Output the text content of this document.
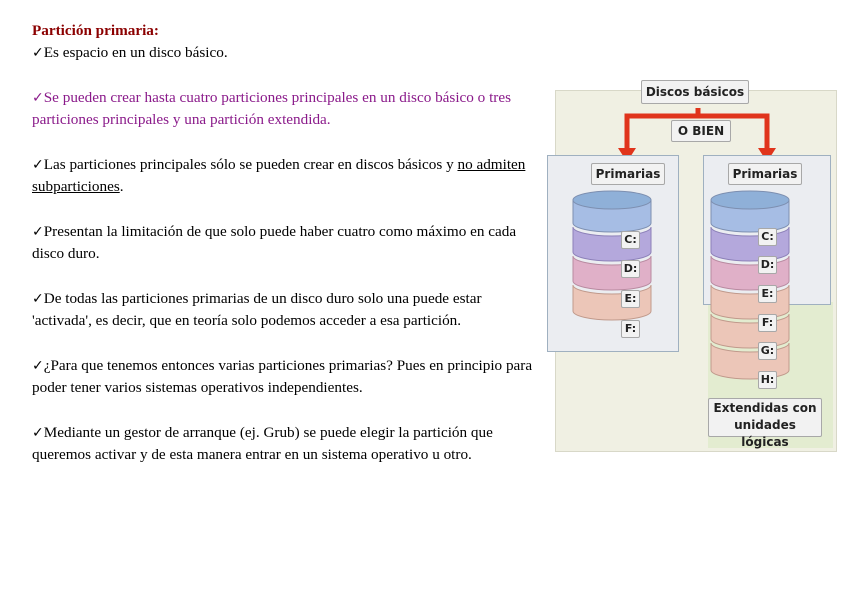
Partición primaria:

✓Es espacio en un disco básico.

✓Se pueden crear hasta cuatro particiones principales en un disco básico o tres particiones principales y una partición extendida.

✓Las particiones principales sólo se pueden crear en discos básicos y no admiten subparticiones.

✓Presentan la limitación de que solo puede haber cuatro como máximo en cada disco duro.

✓De todas las particiones primarias de un disco duro solo una puede estar 'activada', es decir, que en teoría solo podemos acceder a esa partición.

✓¿Para que tenemos entonces varias particiones primarias? Pues en principio para poder tener varios sistemas operativos independientes.

✓Mediante un gestor de arranque (ej. Grub) se puede elegir la partición que queremos activar y de esta manera entrar en un sistema operativo u otro.

Discos básicos
O BIEN
Primarias
C:
D:
E:
F:
Primarias
C:
D:
E:
F:
G:
H:
Extendidas con
unidades lógicas
